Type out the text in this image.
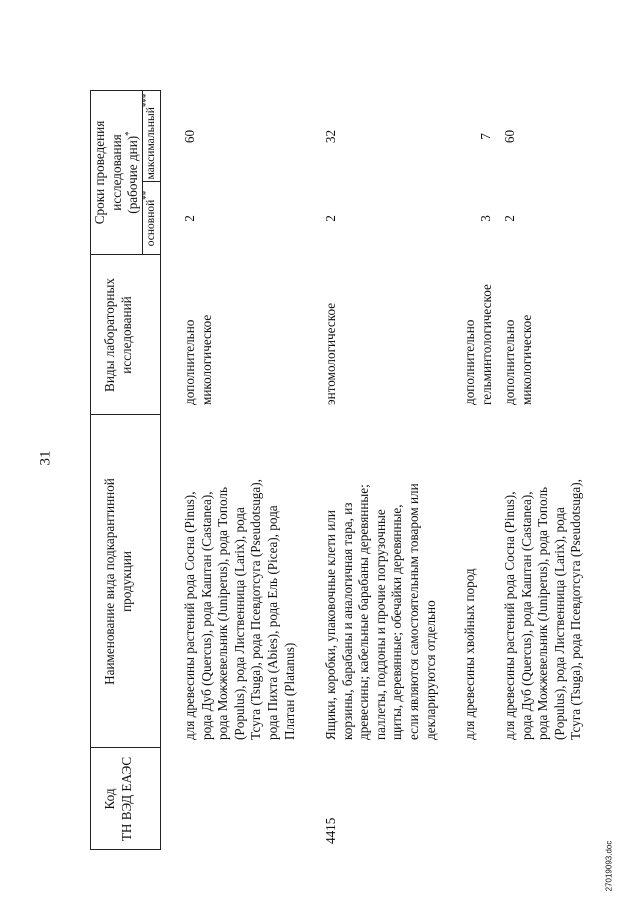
31
27019093.doc
Код
ТН ВЭД ЕАЭС
Наименование вида подкарантинной
продукции
Виды лабораторных
исследований
Сроки проведения
исследования
(рабочие дни)*
основной**
максимальный***
для древесины растений рода Сосна (Pinus),
рода Дуб (Quercus), рода Каштан (Castanea),
рода Можжевельник (Juniperus), рода Тополь
(Populus), рода Лиственница (Larix), рода
Тсуга (Tsuga), рода Псевдотсуга (Pseudotsuga),
рода Пихта (Abies), рода Ель (Picea), рода
Платан (Platanus)
дополнительно
микологическое
2
60
4415
Ящики, коробки, упаковочные клети или
корзины, барабаны и аналогичная тара, из
древесины; кабельные барабаны деревянные;
паллеты, поддоны и прочие погрузочные
щиты, деревянные; обечайки деревянные,
если являются самостоятельным товаром или
декларируются отдельно
энтомологическое
2
32
для древесины хвойных пород
дополнительно
гельминтологическое
3
7
для древесины растений рода Сосна (Pinus),
рода Дуб (Quercus), рода Каштан (Castanea),
рода Можжевельник (Juniperus), рода Тополь
(Populus), рода Лиственница (Larix), рода
Тсуга (Tsuga), рода Псевдотсуга (Pseudotsuga),
дополнительно
микологическое
2
60
